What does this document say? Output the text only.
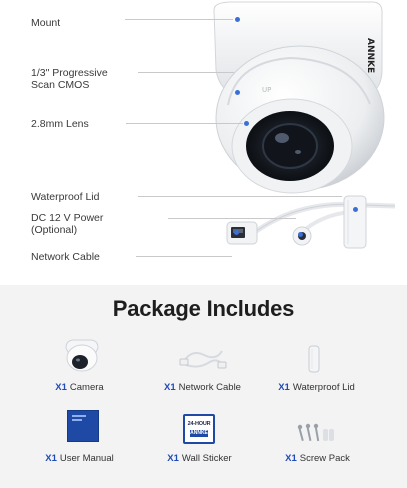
UP
ANNKE
Mount
1/3" Progressive
Scan CMOS
2.8mm Lens
Waterproof Lid
DC 12 V Power
(Optional)
Network Cable
Package Includes
X1 Camera	X1 Network Cable	X1 Waterproof Lid
24-HOUR
ANNKE
X1 User Manual	X1 Wall Sticker	X1 Screw Pack
